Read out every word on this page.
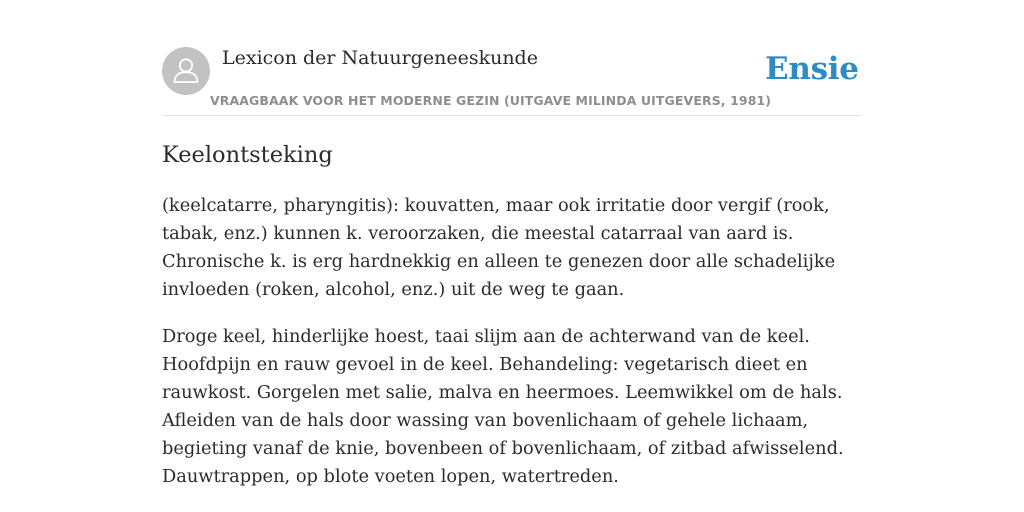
Lexicon der Natuurgeneeskunde
VRAAGBAAK VOOR HET MODERNE GEZIN (UITGAVE MILINDA UITGEVERS, 1981)
Ensie
Keelontsteking

(keelcatarre, pharyngitis): kouvatten, maar ook irritatie door vergif (rook, tabak, enz.) kunnen k. veroorzaken, die meestal catarraal van aard is. Chronische k. is erg hardnekkig en alleen te genezen door alle schadelijke invloeden (roken, alcohol, enz.) uit de weg te gaan.

Droge keel, hinderlijke hoest, taai slijm aan de achterwand van de keel. Hoofdpijn en rauw gevoel in de keel. Behandeling: vegetarisch dieet en rauwkost. Gorgelen met salie, malva en heermoes. Leemwikkel om de hals. Afleiden van de hals door wassing van bovenlichaam of gehele lichaam, begieting vanaf de knie, bovenbeen of bovenlichaam, of zitbad afwisselend. Dauwtrappen, op blote voeten lopen, watertreden.
